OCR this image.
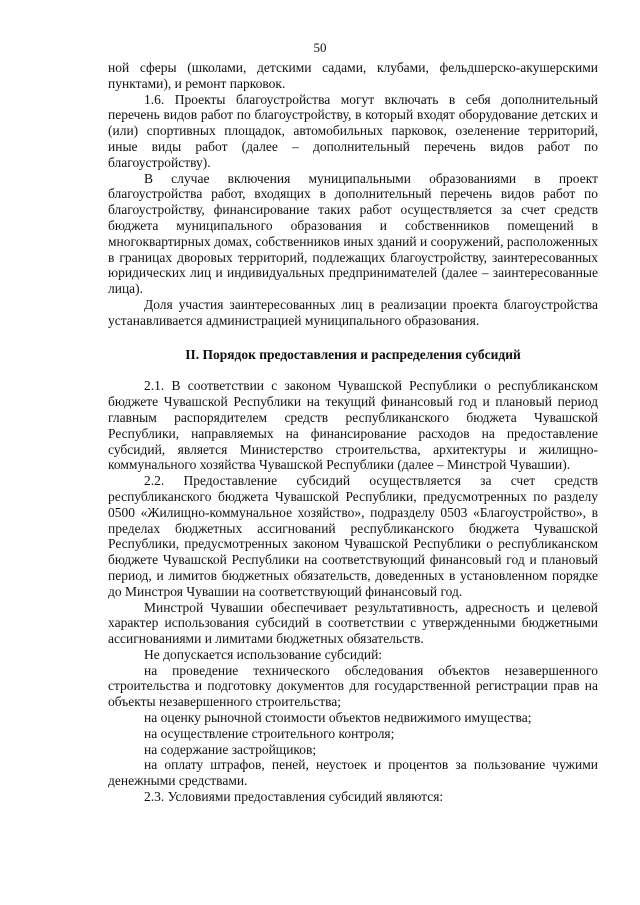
50

ной сферы (школами, детскими садами, клубами, фельдшерско-акушерскими пунктами), и ремонт парковок.

1.6. Проекты благоустройства могут включать в себя дополнительный перечень видов работ по благоустройству, в который входят оборудование детских и (или) спортивных площадок, автомобильных парковок, озеленение территорий, иные виды работ (далее – дополнительный перечень видов работ по благоустройству).

В случае включения муниципальными образованиями в проект благоустройства работ, входящих в дополнительный перечень видов работ по благоустройству, финансирование таких работ осуществляется за счет средств бюджета муниципального образования и собственников помещений в многоквартирных домах, собственников иных зданий и сооружений, расположенных в границах дворовых территорий, подлежащих благоустройству, заинтересованных юридических лиц и индивидуальных предпринимателей (далее – заинтересованные лица).

Доля участия заинтересованных лиц в реализации проекта благоустройства устанавливается администрацией муниципального образования.

II. Порядок предоставления и распределения субсидий

2.1. В соответствии с законом Чувашской Республики о республиканском бюджете Чувашской Республики на текущий финансовый год и плановый период главным распорядителем средств республиканского бюджета Чувашской Республики, направляемых на финансирование расходов на предоставление субсидий, является Министерство строительства, архитектуры и жилищно-коммунального хозяйства Чувашской Республики (далее – Минстрой Чувашии).

2.2. Предоставление субсидий осуществляется за счет средств республиканского бюджета Чувашской Республики, предусмотренных по разделу 0500 «Жилищно-коммунальное хозяйство», подразделу 0503 «Благоустройство», в пределах бюджетных ассигнований республиканского бюджета Чувашской Республики, предусмотренных законом Чувашской Республики о республиканском бюджете Чувашской Республики на соответствующий финансовый год и плановый период, и лимитов бюджетных обязательств, доведенных в установленном порядке до Минстроя Чувашии на соответствующий финансовый год.

Минстрой Чувашии обеспечивает результативность, адресность и целевой характер использования субсидий в соответствии с утвержденными бюджетными ассигнованиями и лимитами бюджетных обязательств.

Не допускается использование субсидий:

на проведение технического обследования объектов незавершенного строительства и подготовку документов для государственной регистрации прав на объекты незавершенного строительства;

на оценку рыночной стоимости объектов недвижимого имущества;

на осуществление строительного контроля;

на содержание застройщиков;

на оплату штрафов, пеней, неустоек и процентов за пользование чужими денежными средствами.

2.3. Условиями предоставления субсидий являются:
